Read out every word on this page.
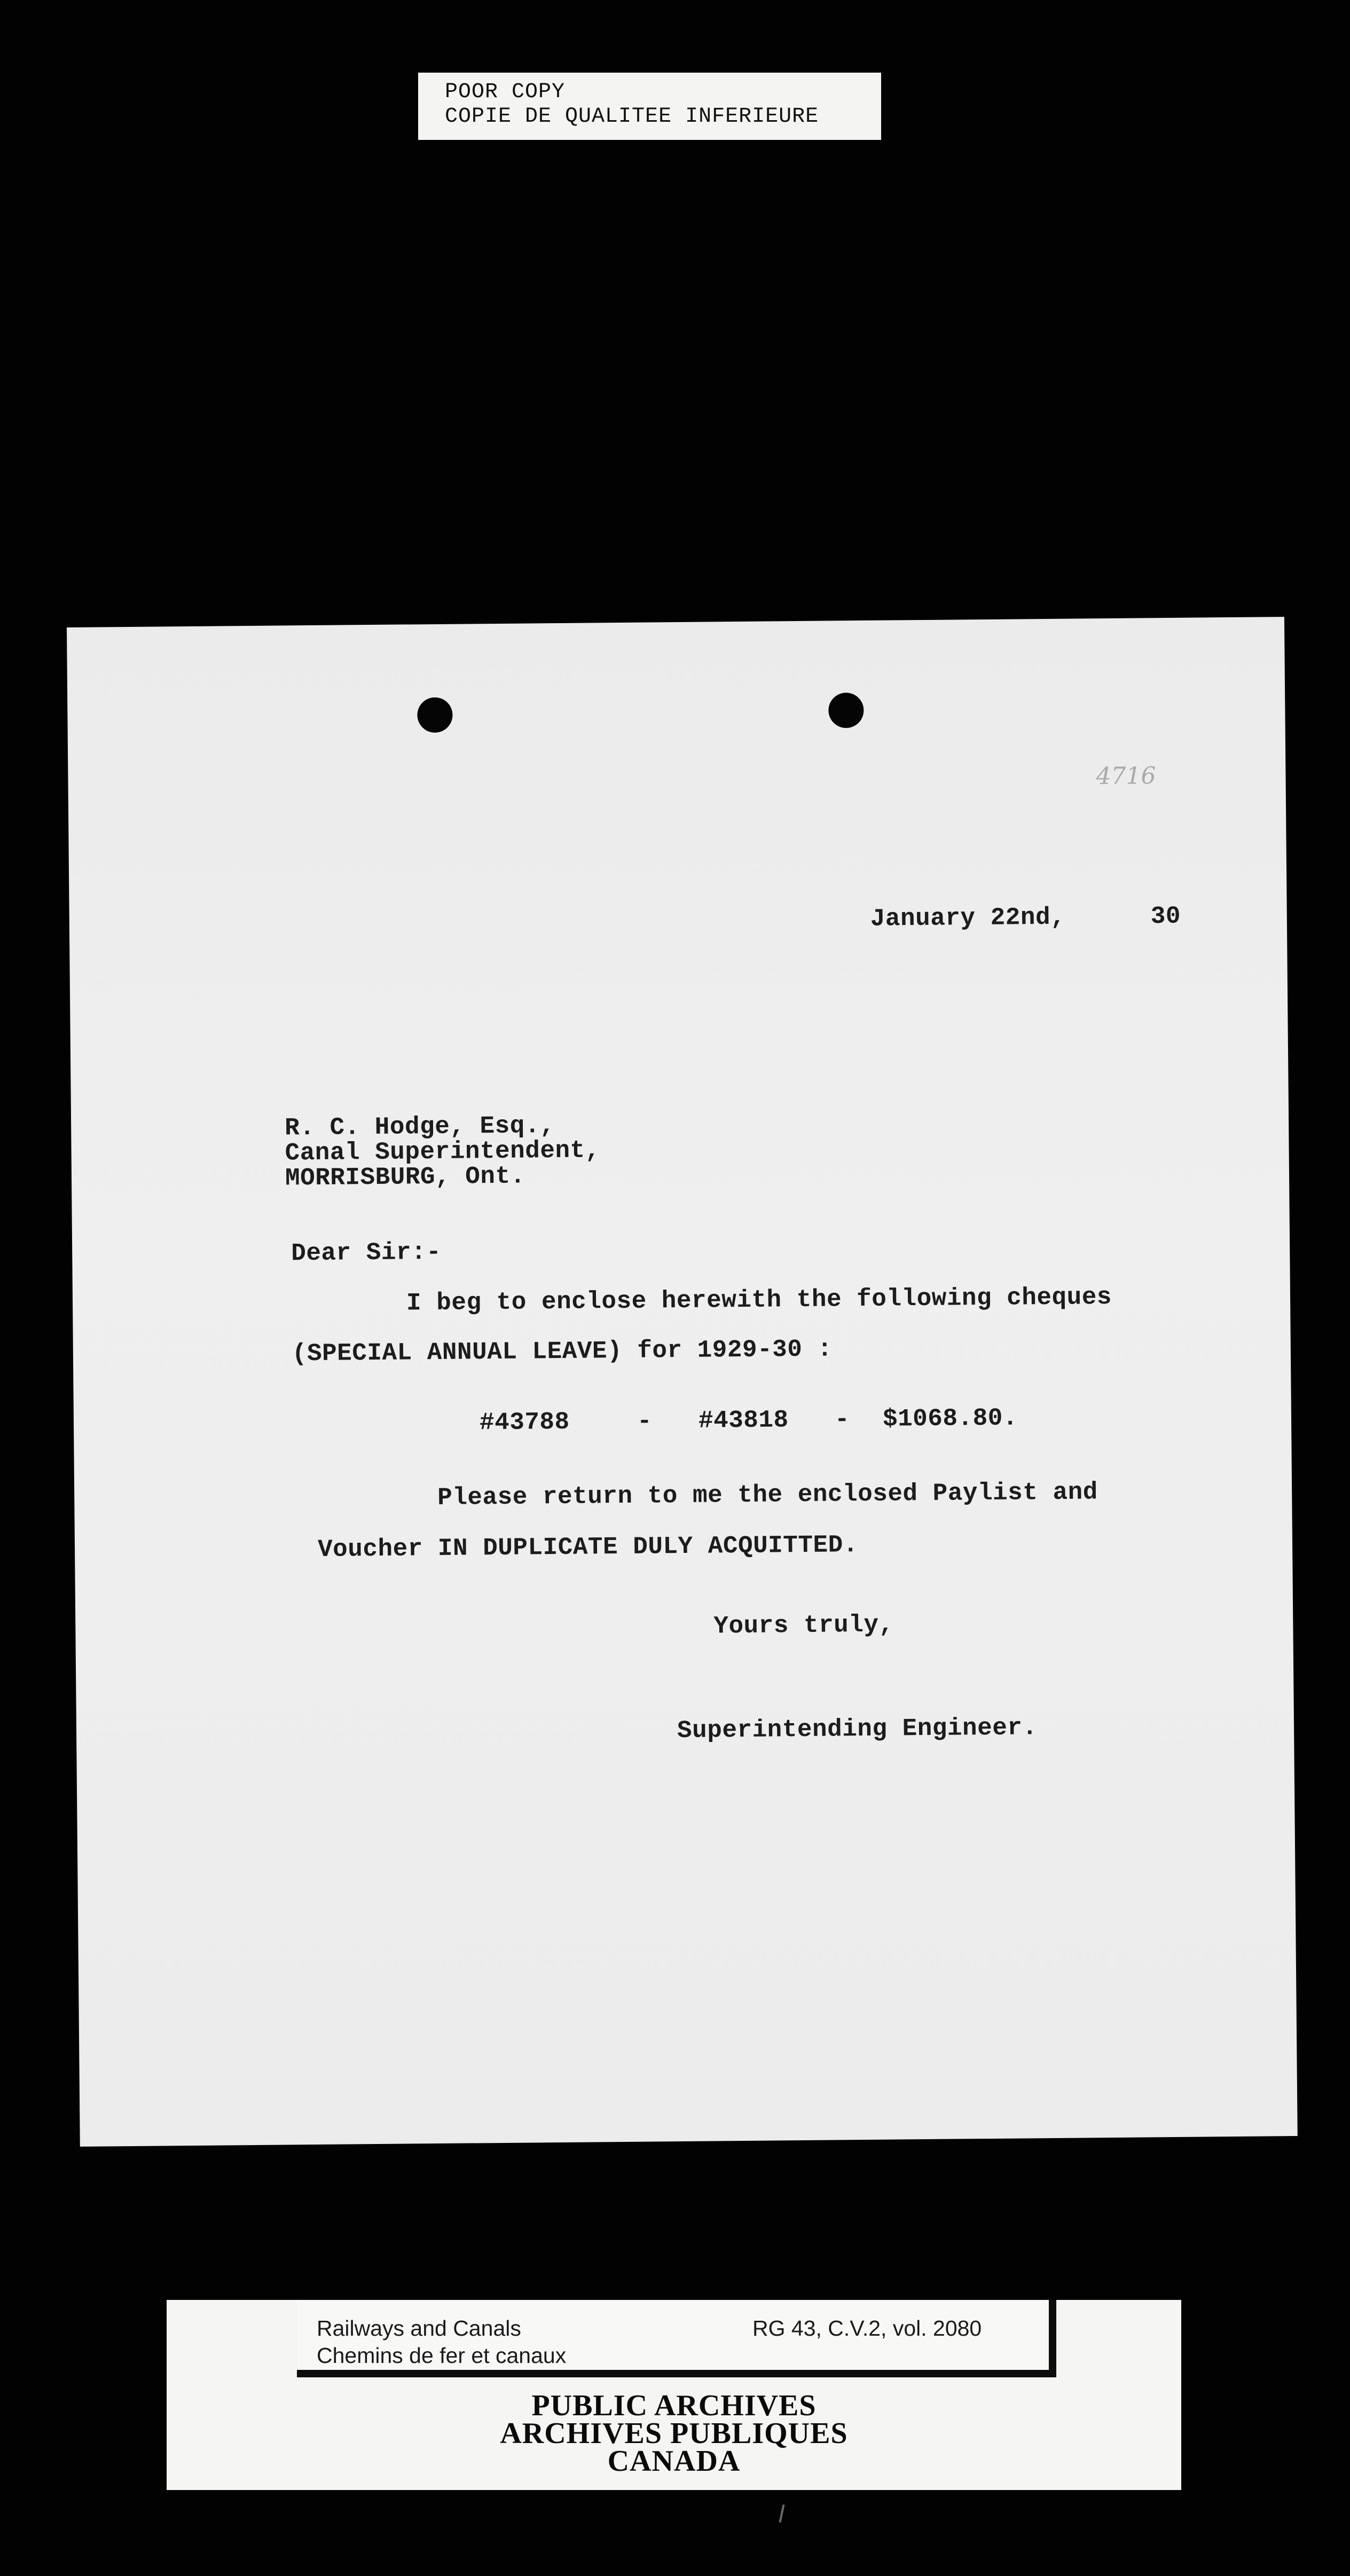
POOR COPY
COPIE DE QUALITEE INFERIEURE
4716
January 22nd,	30
R. C. Hodge, Esq.,
Canal Superintendent,
MORRISBURG, Ont.
Dear Sir:-
I beg to enclose herewith the following cheques
(SPECIAL ANNUAL LEAVE) for 1929-30 :
#43788	- #43818 - $1068.80.
Please return to me the enclosed Paylist and
Voucher IN DUPLICATE DULY ACQUITTED.
Yours truly,
Superintending Engineer.
Railways and Canals
Chemins de fer et canaux
RG 43, C.V.2, vol. 2080
PUBLIC ARCHIVES
ARCHIVES PUBLIQUES
CANADA
